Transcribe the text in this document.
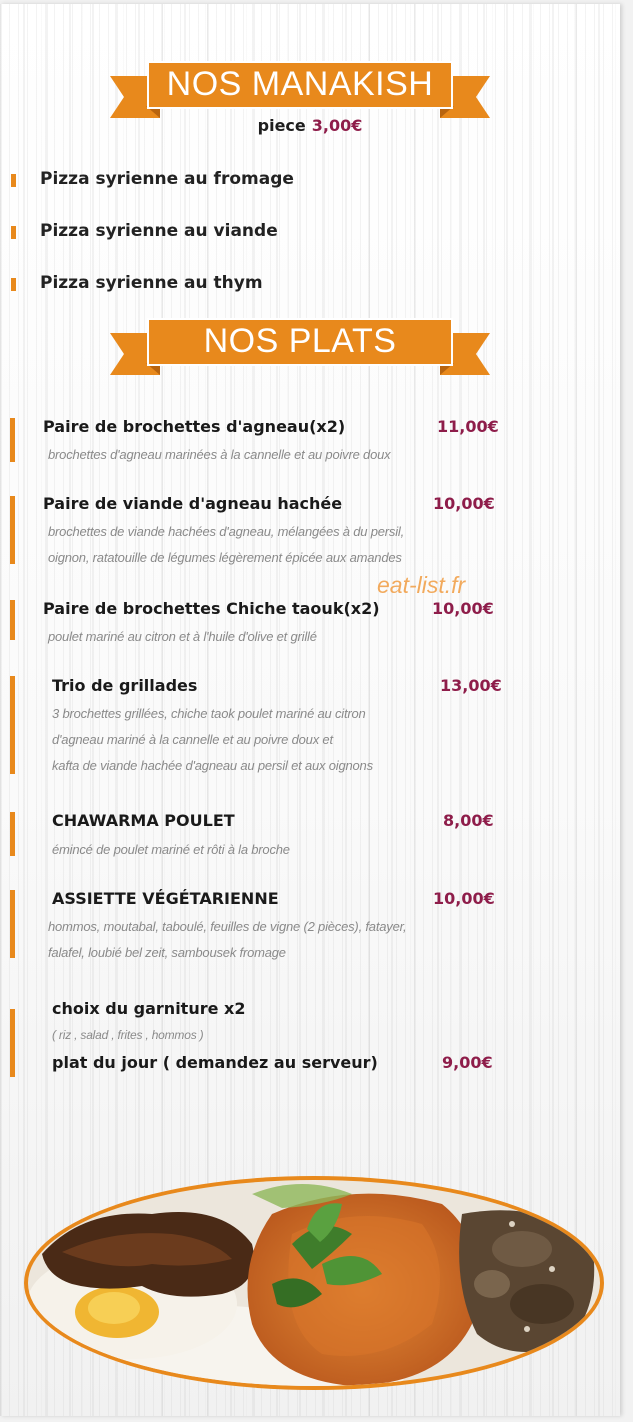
NOS MANAKISH
piece 3,00€
Pizza syrienne au fromage
Pizza syrienne au viande
Pizza syrienne au thym
NOS PLATS
Paire de brochettes d'agneau(x2)	11,00€
brochettes d'agneau marinées à la cannelle et au poivre doux
Paire de viande d'agneau hachée	10,00€
brochettes de viande hachées d'agneau, mélangées à du persil,
oignon, ratatouille de légumes légèrement épicée aux amandes
Paire de brochettes Chiche taouk(x2)	10,00€
poulet mariné au citron et à l'huile d'olive et grillé
Trio de grillades	13,00€
3 brochettes grillées, chiche taok poulet mariné au citron
d'agneau mariné à la cannelle et au poivre doux et
kafta de viande hachée d'agneau au persil et aux oignons
CHAWARMA POULET	8,00€
émincé de poulet mariné et rôti à la broche
ASSIETTE VÉGÉTARIENNE	10,00€
hommos, moutabal, taboulé, feuilles de vigne (2 pièces), fatayer,
falafel, loubié bel zeit, sambousek fromage
choix du garniture x2
( riz , salad , frites , hommos )
plat du jour ( demandez au serveur)	9,00€
eat-list.fr
